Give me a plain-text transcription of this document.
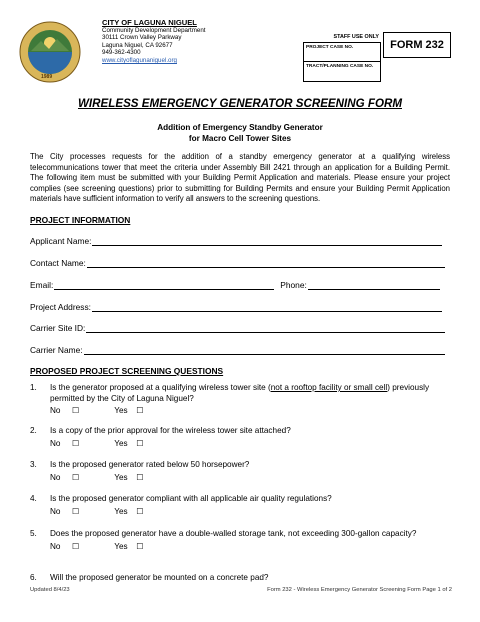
1989
CITY OF LAGUNA NIGUEL
Community Development Department
30111 Crown Valley Parkway
Laguna Niguel, CA 92677
949-362-4300
www.cityoflagunaniguel.org
STAFF USE ONLY
PROJECT CASE NO.
TRACT/PLANNING CASE NO.
FORM 232
WIRELESS EMERGENCY GENERATOR SCREENING FORM
Addition of Emergency Standby Generator
for Macro Cell Tower Sites
The City processes requests for the addition of a standby emergency generator at a qualifying wireless telecommunications tower that meet the criteria under Assembly Bill 2421 through an application for a Building Permit. The following item must be submitted with your Building Permit Application and materials. Please ensure your project complies (see screening questions) prior to submitting for Building Permits and ensure your Building Permit Application materials have sufficient information to verify all answers to the screening questions.
PROJECT INFORMATION
Applicant Name:
Contact Name:
Email:	Phone:
Project Address:
Carrier Site ID:
Carrier Name:
PROPOSED PROJECT SCREENING QUESTIONS
1. Is the generator proposed at a qualifying wireless tower site (not a rooftop facility or small cell) previously permitted by the City of Laguna Niguel?
No ☐	Yes ☐
2. Is a copy of the prior approval for the wireless tower site attached?
No ☐	Yes ☐
3. Is the proposed generator rated below 50 horsepower?
No ☐	Yes ☐
4. Is the proposed generator compliant with all applicable air quality regulations?
No ☐	Yes ☐
5. Does the proposed generator have a double-walled storage tank, not exceeding 300-gallon capacity?
No ☐	Yes ☐
6. Will the proposed generator be mounted on a concrete pad?
Updated 8/4/23	Form 232 - Wireless Emergency Generator Screening Form Page 1 of 2
